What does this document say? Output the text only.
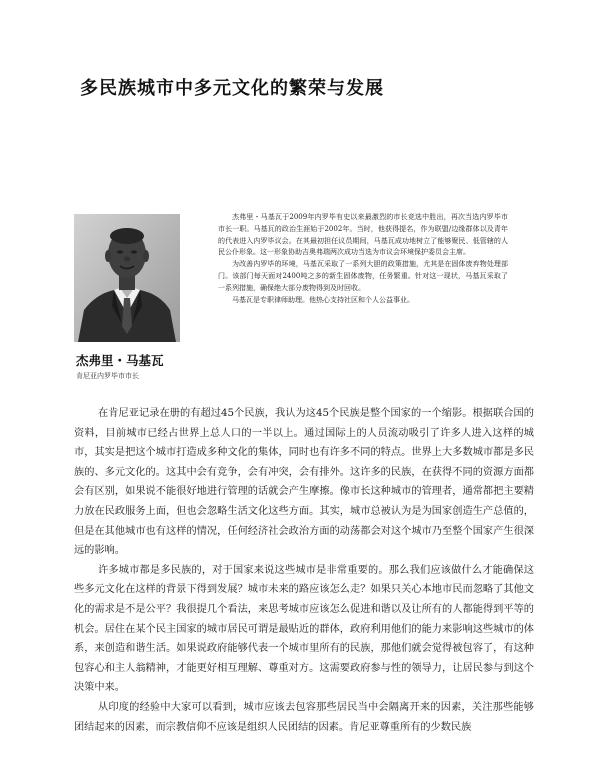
多民族城市中多元文化的繁荣与发展
杰弗里・马基瓦
肯尼亚内罗毕市市长

杰弗里・马基瓦于2009年内罗毕有史以来最激烈的市长竞选中胜出，再次当选内罗毕市市长一职。马基瓦的政治生涯始于2002年。当时，他获得提名，作为联盟/边缘群体以及青年的代表进入内罗毕议会。在其最初担任议员期间，马基瓦成功地树立了能够聚民、低管辖的人民公仆形象。这一形象协助吉奥弗瑞两次成功当选为市议会环境保护委员会主席。

为改善内罗毕的环境，马基瓦采取了一系列大胆的政策措施，尤其是在固体废弃物处理部门。该部门每天面对2400吨之多的新生固体废物，任务繁重。针对这一现状，马基瓦采取了一系列措施，确保绝大部分废物得到及时回收。

马基瓦是专职律师助理。他热心支持社区和个人公益事业。

在肯尼亚记录在册的有超过45个民族，我认为这45个民族是整个国家的一个缩影。根据联合国的资料，目前城市已经占世界上总人口的一半以上。通过国际上的人员流动吸引了许多人进入这样的城市，其实是把这个城市打造成多种文化的集体，同时也有许多不同的特点。世界上大多数城市都是多民族的、多元文化的。这其中会有竞争，会有冲突，会有排外。这许多的民族，在获得不同的资源方面都会有区别，如果说不能很好地进行管理的话就会产生摩擦。像市长这种城市的管理者，通常都把主要精力放在民政服务上面，但也会忽略生活文化这些方面。其实，城市总被认为是为国家创造生产总值的，但是在其他城市也有这样的情况，任何经济社会政治方面的动荡都会对这个城市乃至整个国家产生很深远的影响。

许多城市都是多民族的，对于国家来说这些城市是非常重要的。那么我们应该做什么才能确保这些多元文化在这样的背景下得到发展？城市未来的路应该怎么走？如果只关心本地市民而忽略了其他文化的需求是不是公平？我很提几个看法，来思考城市应该怎么促进和谐以及让所有的人都能得到平等的机会。居住在某个民主国家的城市居民可谓是最贴近的群体，政府利用他们的能力来影响这些城市的体系，来创造和谐生活。如果说政府能够代表一个城市里所有的民族，那他们就会觉得被包容了，有这种包容心和主人翁精神，才能更好相互理解、尊重对方。这需要政府参与性的领导力，让居民参与到这个决策中来。

从印度的经验中大家可以看到，城市应该去包容那些居民当中会隔离开来的因素，关注那些能够团结起来的因素，而宗教信仰不应该是组织人民团结的因素。肯尼亚尊重所有的少数民族
